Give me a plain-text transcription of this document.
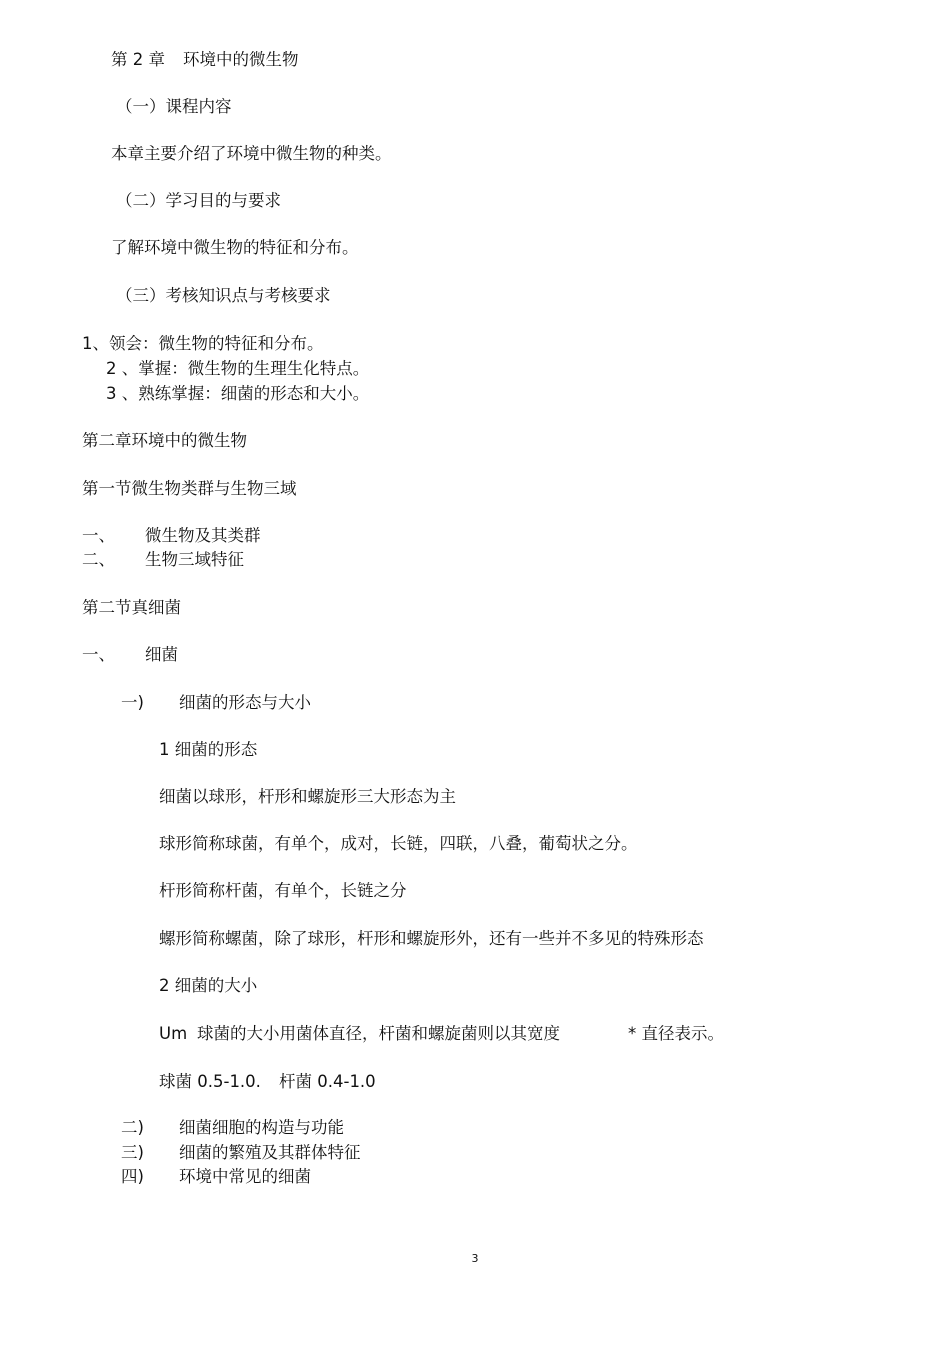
第 2 章 环境中的微生物
（一）课程内容
本章主要介绍了环境中微生物的种类。
（二）学习目的与要求
了解环境中微生物的特征和分布。
（三）考核知识点与考核要求
1、领会：微生物的特征和分布。
2 、掌握：微生物的生理生化特点。
3 、熟练掌握：细菌的形态和大小。
第二章环境中的微生物
第一节微生物类群与生物三域
一、 微生物及其类群
二、 生物三域特征
第二节真细菌
一、 细菌
一) 细菌的形态与大小
1 细菌的形态
细菌以球形，杆形和螺旋形三大形态为主
球形简称球菌，有单个，成对，长链，四联，八叠，葡萄状之分。
杆形简称杆菌，有单个，长链之分
螺形简称螺菌，除了球形，杆形和螺旋形外，还有一些并不多见的特殊形态
2 细菌的大小
Um 球菌的大小用菌体直径，杆菌和螺旋菌则以其宽度	* 直径表示。
球菌 0.5-1.0. 杆菌 0.4-1.0
二) 细菌细胞的构造与功能
三) 细菌的繁殖及其群体特征
四) 环境中常见的细菌
3
